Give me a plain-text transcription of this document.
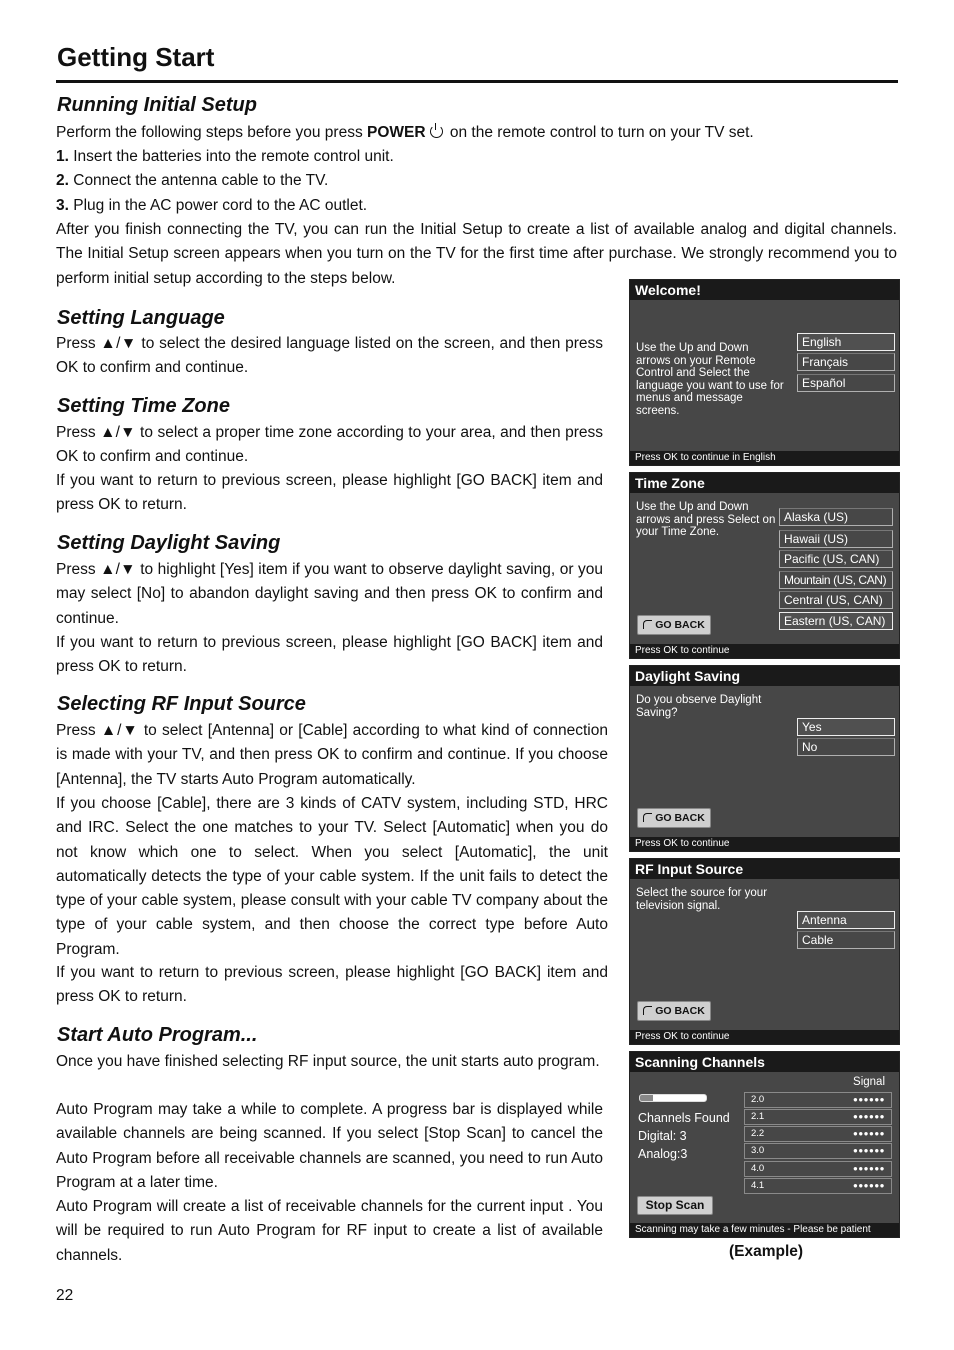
Getting Start
Running Initial Setup

Perform the following steps before you press POWER on the remote control to turn on your TV set.

1. Insert the batteries into the remote control unit.

2. Connect the antenna cable to the TV.

3. Plug in the AC power cord to the AC outlet.

After you finish connecting the TV, you can run the Initial Setup to create a list of available analog and digital channels. The Initial Setup screen appears when you turn on the TV for the first time after purchase. We strongly recommend you to perform initial setup according to the steps below.

Setting Language

Press ▲/▼ to select the desired language listed on the screen, and then press OK to confirm and continue.

Setting Time Zone

Press ▲/▼ to select a proper time zone according to your area, and then press OK to confirm and continue.

If you want to return to previous screen, please highlight [GO BACK] item and press OK to return.

Setting Daylight Saving

Press ▲/▼ to highlight [Yes] item if you want to observe daylight saving, or you may select [No] to abandon daylight saving and then press OK to confirm and continue.

If you want to return to previous screen, please highlight [GO BACK] item and press OK to return.

Selecting RF Input Source

Press ▲/▼ to select [Antenna] or [Cable] according to what kind of connection is made with your TV, and then press OK to confirm and continue. If you choose [Antenna], the TV starts Auto Program automatically.

If you choose [Cable], there are 3 kinds of CATV system, including STD, HRC and IRC. Select the one matches to your TV. Select [Automatic] when you do not know which one to select. When you select [Automatic], the unit automatically detects the type of your cable system. If the unit fails to detect the type of your cable system, please consult with your cable TV company about the type of your cable system, and then choose the correct type before Auto Program.

If you want to return to previous screen, please highlight [GO BACK] item and press OK to return.

Start Auto Program...

Once you have finished selecting RF input source, the unit starts auto program.

Auto Program may take a while to complete. A progress bar is displayed while available channels are being scanned. If you select [Stop Scan] to cancel the Auto Program before all receivable channels are scanned, you need to run Auto Program at a later time.

Auto Program will create a list of receivable channels for the current input . You will be required to run Auto Program for RF input to create a list of available channels.

Welcome!
Use the Up and Down arrows on your Remote Control and Select the language you want to use for menus and message screens.
English
Français
Español
Press OK to continue in English
Time Zone
Use the Up and Down arrows and press Select on your Time Zone.
Alaska (US)
Hawaii (US)
Pacific (US, CAN)
Mountain (US, CAN)
Central (US, CAN)
Eastern (US, CAN)
GO BACK
Press OK to continue
Daylight Saving
Do you observe Daylight Saving?
Yes
No
GO BACK
Press OK to continue
RF Input Source
Select the source for your television signal.
Antenna
Cable
GO BACK
Press OK to continue
Scanning Channels
Signal
Channels Found
Digital: 3
Analog:3
2.0	●●●●●●
2.1	●●●●●●
2.2	●●●●●●
3.0	●●●●●●
4.0	●●●●●●
4.1	●●●●●●
Stop Scan
Scanning may take a few minutes - Please be patient
(Example)
22
